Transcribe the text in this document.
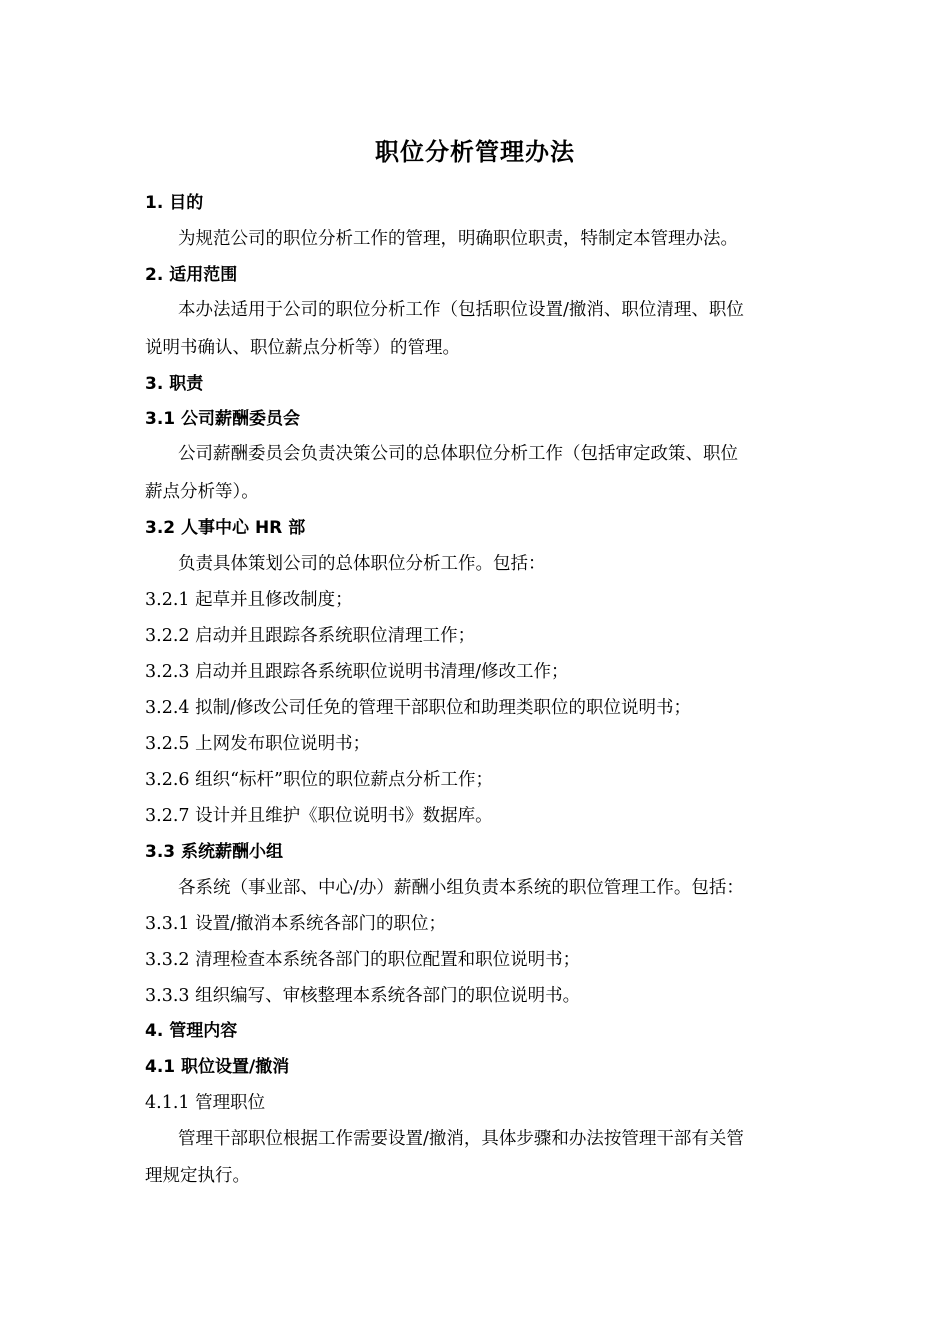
职位分析管理办法
1. 目的
为规范公司的职位分析工作的管理，明确职位职责，特制定本管理办法。
2. 适用范围
本办法适用于公司的职位分析工作（包括职位设置/撤消、职位清理、职位
说明书确认、职位薪点分析等）的管理。
3. 职责
3.1 公司薪酬委员会
公司薪酬委员会负责决策公司的总体职位分析工作（包括审定政策、职位
薪点分析等）。
3.2 人事中心 HR 部
负责具体策划公司的总体职位分析工作。包括：
3.2.1 起草并且修改制度；
3.2.2 启动并且跟踪各系统职位清理工作；
3.2.3 启动并且跟踪各系统职位说明书清理/修改工作；
3.2.4 拟制/修改公司任免的管理干部职位和助理类职位的职位说明书；
3.2.5 上网发布职位说明书；
3.2.6 组织“标杆”职位的职位薪点分析工作；
3.2.7 设计并且维护《职位说明书》数据库。
3.3 系统薪酬小组
各系统（事业部、中心/办）薪酬小组负责本系统的职位管理工作。包括：
3.3.1 设置/撤消本系统各部门的职位；
3.3.2 清理检查本系统各部门的职位配置和职位说明书；
3.3.3 组织编写、审核整理本系统各部门的职位说明书。
4. 管理内容
4.1 职位设置/撤消
4.1.1 管理职位
管理干部职位根据工作需要设置/撤消，具体步骤和办法按管理干部有关管
理规定执行。
